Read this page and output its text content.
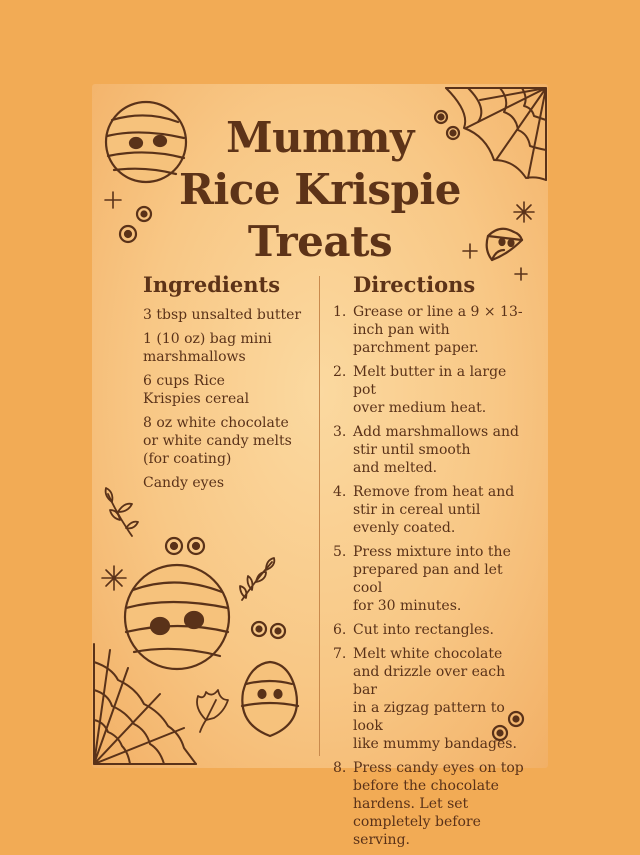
Mummy
Rice Krispie
Treats
Ingredients	Directions
3 tbsp unsalted butter
1 (10 oz) bag mini
marshmallows
6 cups Rice
Krispies cereal
8 oz white chocolate
or white candy melts
(for coating)
Candy eyes
1. Grease or line a 9 × 13-
inch pan with
parchment paper.
2. Melt butter in a large pot
over medium heat.
3. Add marshmallows and
stir until smooth
and melted.
4. Remove from heat and
stir in cereal until
evenly coated.
5. Press mixture into the
prepared pan and let cool
for 30 minutes.
6. Cut into rectangles.
7. Melt white chocolate
and drizzle over each bar
in a zigzag pattern to look
like mummy bandages.
8. Press candy eyes on top
before the chocolate
hardens. Let set
completely before serving.
